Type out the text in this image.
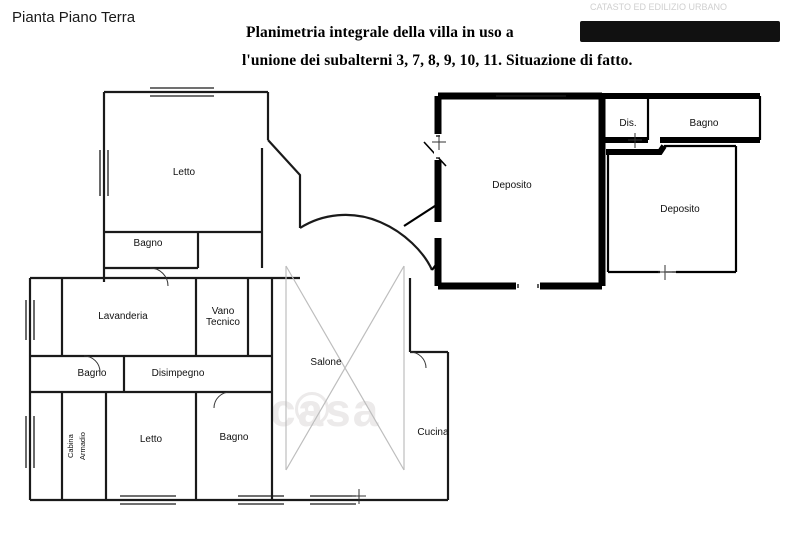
CATASTO ED EDILIZIO URBANO
Pianta Piano Terra
Planimetria integrale della villa in uso a
l'unione dei subalterni 3, 7, 8, 9, 10, 11. Situazione di fatto.
casa
Letto
Bagno
Lavanderia	Vano
Tecnico
Bagno	Disimpegno
Cabina Armadio	Letto	Bagno
Salone
Cucina
Deposito
Dis.	Bagno
Deposito
